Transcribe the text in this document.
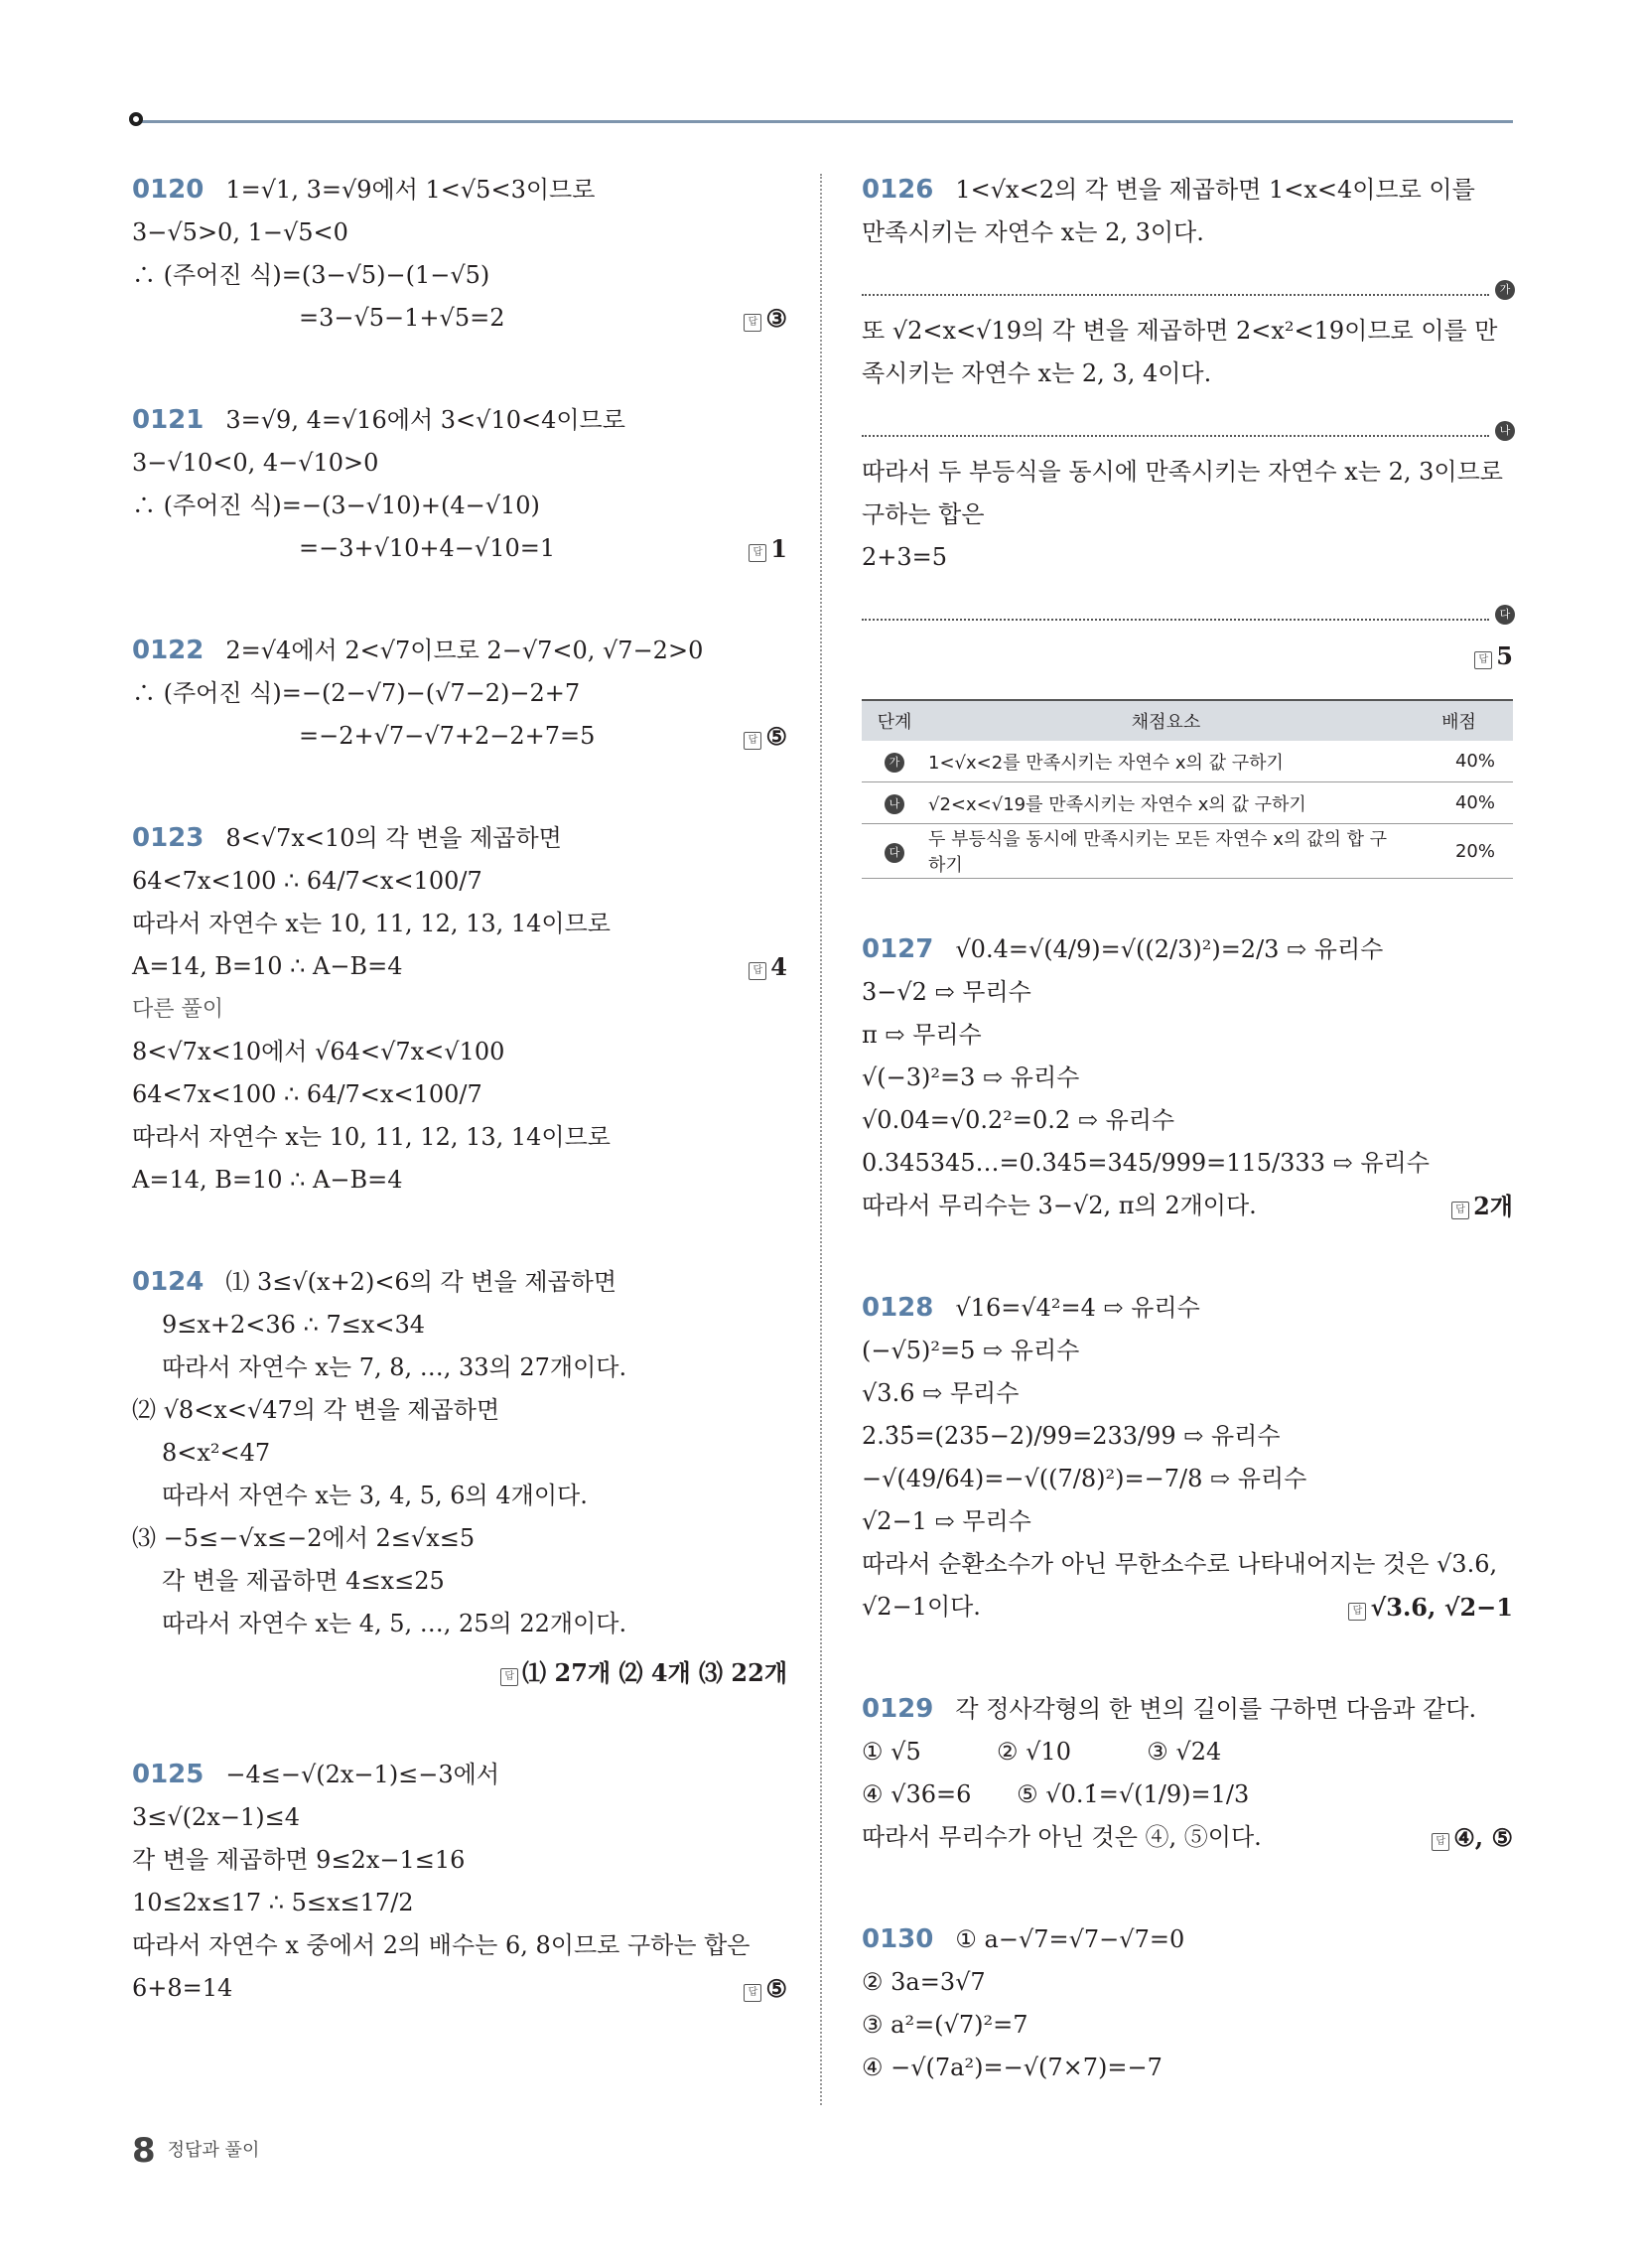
0120 1=√1, 3=√9에서 1<√5<3이므로
3−√5>0, 1−√5<0
∴ (주어진 식)=(3−√5)−(1−√5)
=3−√5−1+√5=2	답 ③
0121 3=√9, 4=√16에서 3<√10<4이므로
3−√10<0, 4−√10>0
∴ (주어진 식)=−(3−√10)+(4−√10)
=−3+√10+4−√10=1	답 1
0122 2=√4에서 2<√7이므로 2−√7<0, √7−2>0
∴ (주어진 식)=−(2−√7)−(√7−2)−2+7
=−2+√7−√7+2−2+7=5	답 ⑤
0123 8<√7x<10의 각 변을 제곱하면
64<7x<100 ∴ 64/7<x<100/7
따라서 자연수 x는 10, 11, 12, 13, 14이므로
A=14, B=10 ∴ A−B=4	답 4
다른 풀이
8<√7x<10에서 √64<√7x<√100
64<7x<100 ∴ 64/7<x<100/7
따라서 자연수 x는 10, 11, 12, 13, 14이므로
A=14, B=10 ∴ A−B=4
0124 ⑴ 3≤√(x+2)<6의 각 변을 제곱하면
9≤x+2<36 ∴ 7≤x<34
따라서 자연수 x는 7, 8, …, 33의 27개이다.
⑵ √8<x<√47의 각 변을 제곱하면
8<x²<47
따라서 자연수 x는 3, 4, 5, 6의 4개이다.
⑶ −5≤−√x≤−2에서 2≤√x≤5
각 변을 제곱하면 4≤x≤25
따라서 자연수 x는 4, 5, …, 25의 22개이다.
답 ⑴ 27개 ⑵ 4개 ⑶ 22개
0125 −4≤−√(2x−1)≤−3에서
3≤√(2x−1)≤4
각 변을 제곱하면 9≤2x−1≤16
10≤2x≤17 ∴ 5≤x≤17/2
따라서 자연수 x 중에서 2의 배수는 6, 8이므로 구하는 합은
6+8=14	답 ⑤
0126 1<√x<2의 각 변을 제곱하면 1<x<4이므로 이를
만족시키는 자연수 x는 2, 3이다.
가
또 √2<x<√19의 각 변을 제곱하면 2<x²<19이므로 이를 만
족시키는 자연수 x는 2, 3, 4이다.
나
따라서 두 부등식을 동시에 만족시키는 자연수 x는 2, 3이므로
구하는 합은
2+3=5
다
답 5
단계	채점요소	배점
가	1<√x<2를 만족시키는 자연수 x의 값 구하기	40%
나	√2<x<√19를 만족시키는 자연수 x의 값 구하기	40%
다	두 부등식을 동시에 만족시키는 모든 자연수 x의 값의 합 구하기	20%
0127 √0.4̇=√(4/9)=√((2/3)²)=2/3 ⇨ 유리수
3−√2 ⇨ 무리수
π ⇨ 무리수
√(−3)²=3 ⇨ 유리수
√0.04=√0.2²=0.2 ⇨ 유리수
0.345345…=0.3̇45̇=345/999=115/333 ⇨ 유리수
따라서 무리수는 3−√2, π의 2개이다.	답 2개
0128 √16=√4²=4 ⇨ 유리수
(−√5)²=5 ⇨ 유리수
√3.6 ⇨ 무리수
2.3̇5̇=(235−2)/99=233/99 ⇨ 유리수
−√(49/64)=−√((7/8)²)=−7/8 ⇨ 유리수
√2−1 ⇨ 무리수
따라서 순환소수가 아닌 무한소수로 나타내어지는 것은 √3.6,
√2−1이다.	답 √3.6, √2−1
0129 각 정사각형의 한 변의 길이를 구하면 다음과 같다.
① √5          ② √10          ③ √24
④ √36=6      ⑤ √0.1̇=√(1/9)=1/3
따라서 무리수가 아닌 것은 ④, ⑤이다.	답 ④, ⑤
0130 ① a−√7=√7−√7=0
② 3a=3√7
③ a²=(√7)²=7
④ −√(7a²)=−√(7×7)=−7
8 정답과 풀이
